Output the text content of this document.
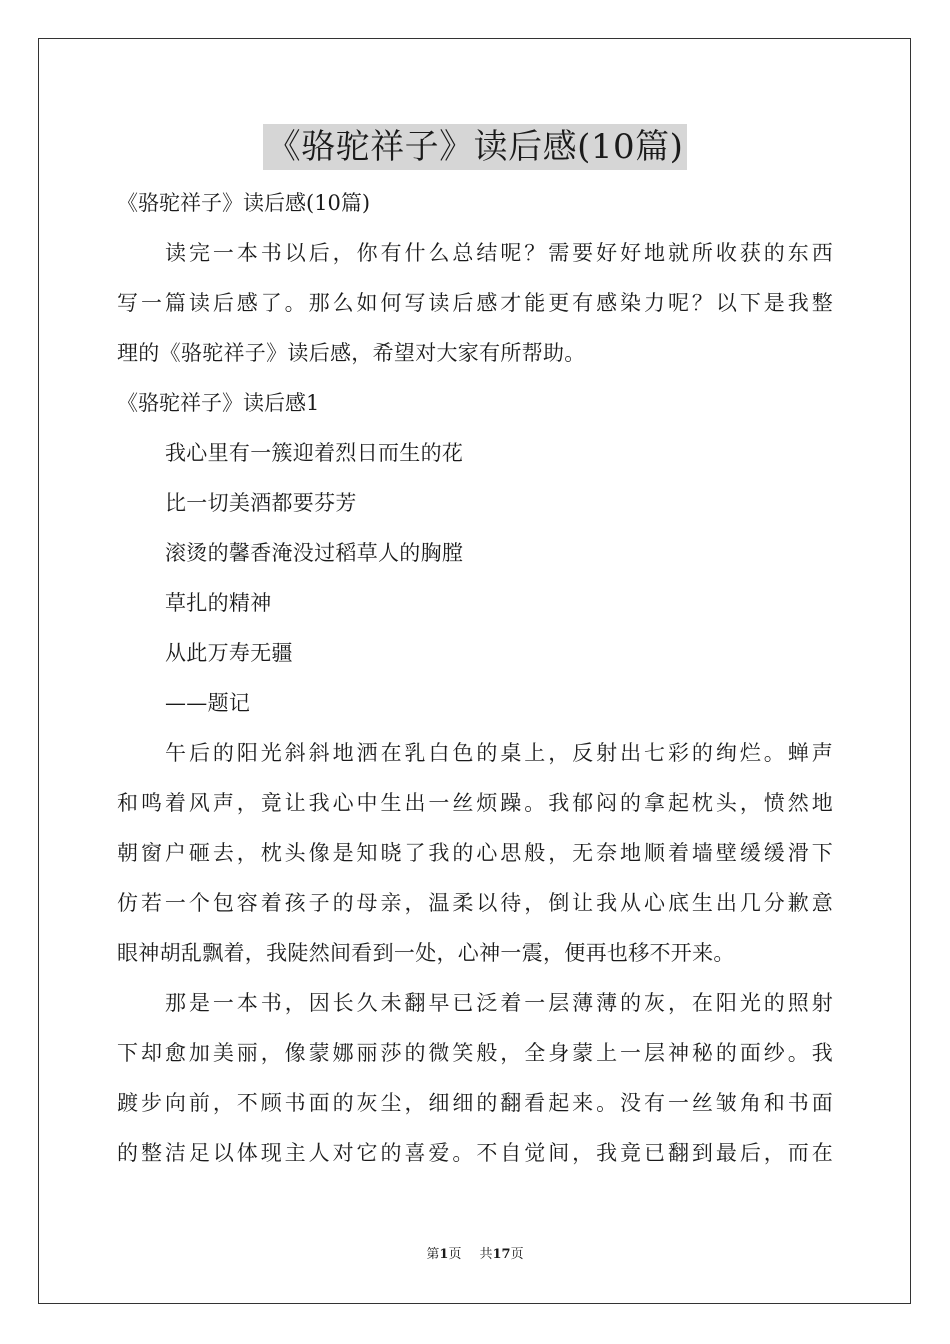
《骆驼祥子》读后感(10篇)
《骆驼祥子》读后感(10篇)
读完一本书以后，你有什么总结呢？需要好好地就所收获的东西
写一篇读后感了。那么如何写读后感才能更有感染力呢？以下是我整
理的《骆驼祥子》读后感，希望对大家有所帮助。
《骆驼祥子》读后感1
我心里有一簇迎着烈日而生的花
比一切美酒都要芬芳
滚烫的馨香淹没过稻草人的胸膛
草扎的精神
从此万寿无疆
——题记
午后的阳光斜斜地洒在乳白色的桌上，反射出七彩的绚烂。蝉声
和鸣着风声，竟让我心中生出一丝烦躁。我郁闷的拿起枕头，愤然地
朝窗户砸去，枕头像是知晓了我的心思般，无奈地顺着墙壁缓缓滑下
仿若一个包容着孩子的母亲，温柔以待，倒让我从心底生出几分歉意
眼神胡乱飘着，我陡然间看到一处，心神一震，便再也移不开来。
那是一本书，因长久未翻早已泛着一层薄薄的灰，在阳光的照射
下却愈加美丽，像蒙娜丽莎的微笑般，全身蒙上一层神秘的面纱。我
踱步向前，不顾书面的灰尘，细细的翻看起来。没有一丝皱角和书面
的整洁足以体现主人对它的喜爱。不自觉间，我竟已翻到最后，而在
第1页 共17页
